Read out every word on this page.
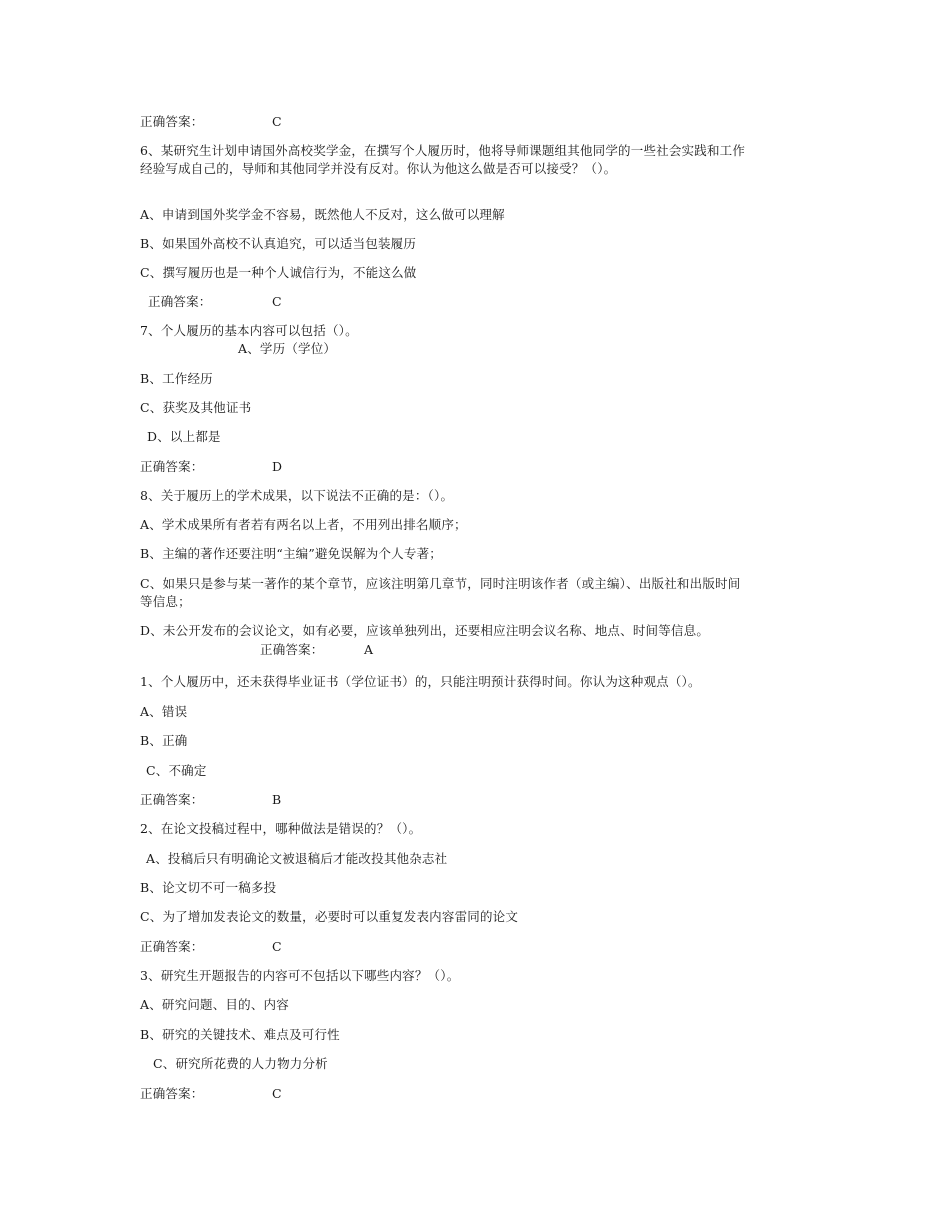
正确答案：	C
6、某研究生计划申请国外高校奖学金，在撰写个人履历时，他将导师课题组其他同学的一些社会实践和工作
经验写成自己的，导师和其他同学并没有反对。你认为他这么做是否可以接受？（）。
A、申请到国外奖学金不容易，既然他人不反对，这么做可以理解
B、如果国外高校不认真追究，可以适当包装履历
C、撰写履历也是一种个人诚信行为，不能这么做
正确答案：	C
7、个人履历的基本内容可以包括（）。
A、学历（学位）
B、工作经历
C、获奖及其他证书
D、以上都是
正确答案：	D
8、关于履历上的学术成果，以下说法不正确的是：（）。
A、学术成果所有者若有两名以上者，不用列出排名顺序；
B、主编的著作还要注明“主编”避免误解为个人专著；
C、如果只是参与某一著作的某个章节，应该注明第几章节，同时注明该作者（或主编）、出版社和出版时间
等信息；
D、未公开发布的会议论文，如有必要，应该单独列出，还要相应注明会议名称、地点、时间等信息。
正确答案：	A
1、个人履历中，还未获得毕业证书（学位证书）的，只能注明预计获得时间。你认为这种观点（）。
A、错误
B、正确
C、不确定
正确答案：	B
2、在论文投稿过程中，哪种做法是错误的？（）。
A、投稿后只有明确论文被退稿后才能改投其他杂志社
B、论文切不可一稿多投
C、为了增加发表论文的数量，必要时可以重复发表内容雷同的论文
正确答案：	C
3、研究生开题报告的内容可不包括以下哪些内容？（）。
A、研究问题、目的、内容
B、研究的关键技术、难点及可行性
C、研究所花费的人力物力分析
正确答案：	C
